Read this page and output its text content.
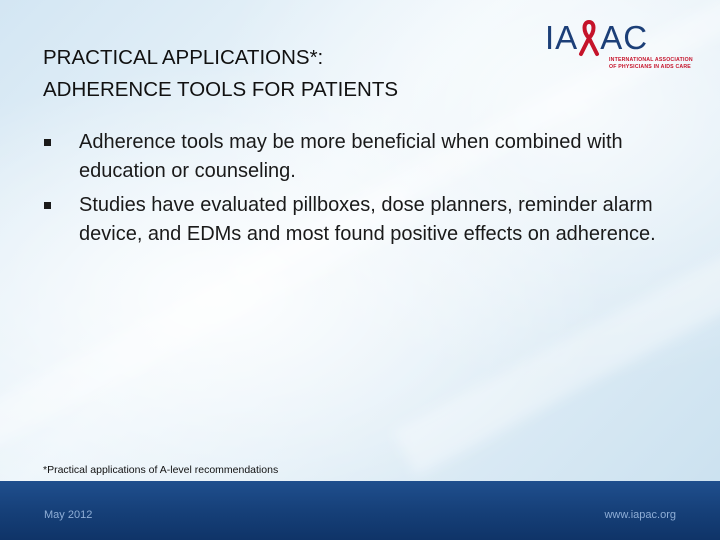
PRACTICAL APPLICATIONS*:
ADHERENCE TOOLS FOR PATIENTS
IA AC
INTERNATIONAL ASSOCIATION
OF PHYSICIANS IN AIDS CARE
Adherence tools may be more beneficial when combined with education or counseling.
Studies have evaluated pillboxes, dose planners, reminder alarm device, and EDMs and most found positive effects on adherence.
*Practical applications of A-level recommendations
May 2012	www.iapac.org
